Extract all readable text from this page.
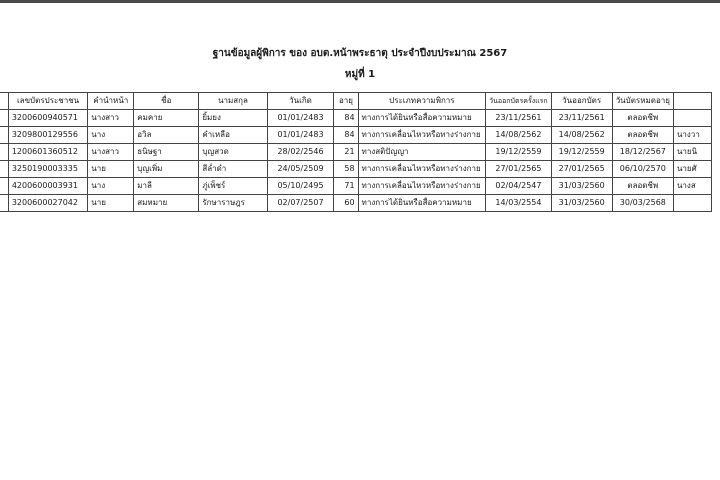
ฐานข้อมูลผู้พิการ ของ อบต.หน้าพระธาตุ ประจำปีงบประมาณ 2567
หมู่ที่ 1
	เลขบัตรประชาชน	คำนำหน้า	ชื่อ	นามสกุล	วันเกิด	อายุ	ประเภทความพิการ	วันออกบัตรครั้งแรก	วันออกบัตร	วันบัตรหมดอายุ	
	3200600940571	นางสาว	คมคาย	ยิ้มยง	01/01/2483	84	ทางการได้ยินหรือสื่อความหมาย	23/11/2561	23/11/2561	ตลอดชีพ	
	3209800129556	นาง	อวิล	คำเหลือ	01/01/2483	84	ทางการเคลื่อนไหวหรือทางร่างกาย	14/08/2562	14/08/2562	ตลอดชีพ	นางวา
	1200601360512	นางสาว	ธนิษฐา	บุญสวด	28/02/2546	21	ทางสติปัญญา	19/12/2559	19/12/2559	18/12/2567	นายนิ
	3250190003335	นาย	บุญเพิ่ม	สีล่ำดำ	24/05/2509	58	ทางการเคลื่อนไหวหรือทางร่างกาย	27/01/2565	27/01/2565	06/10/2570	นายศั
	4200600003931	นาง	มาลี	ภู่เพ็ชร์	05/10/2495	71	ทางการเคลื่อนไหวหรือทางร่างกาย	02/04/2547	31/03/2560	ตลอดชีพ	นางส
	3200600027042	นาย	สมหมาย	รักษาราษฎร	02/07/2507	60	ทางการได้ยินหรือสื่อความหมาย	14/03/2554	31/03/2560	30/03/2568	
